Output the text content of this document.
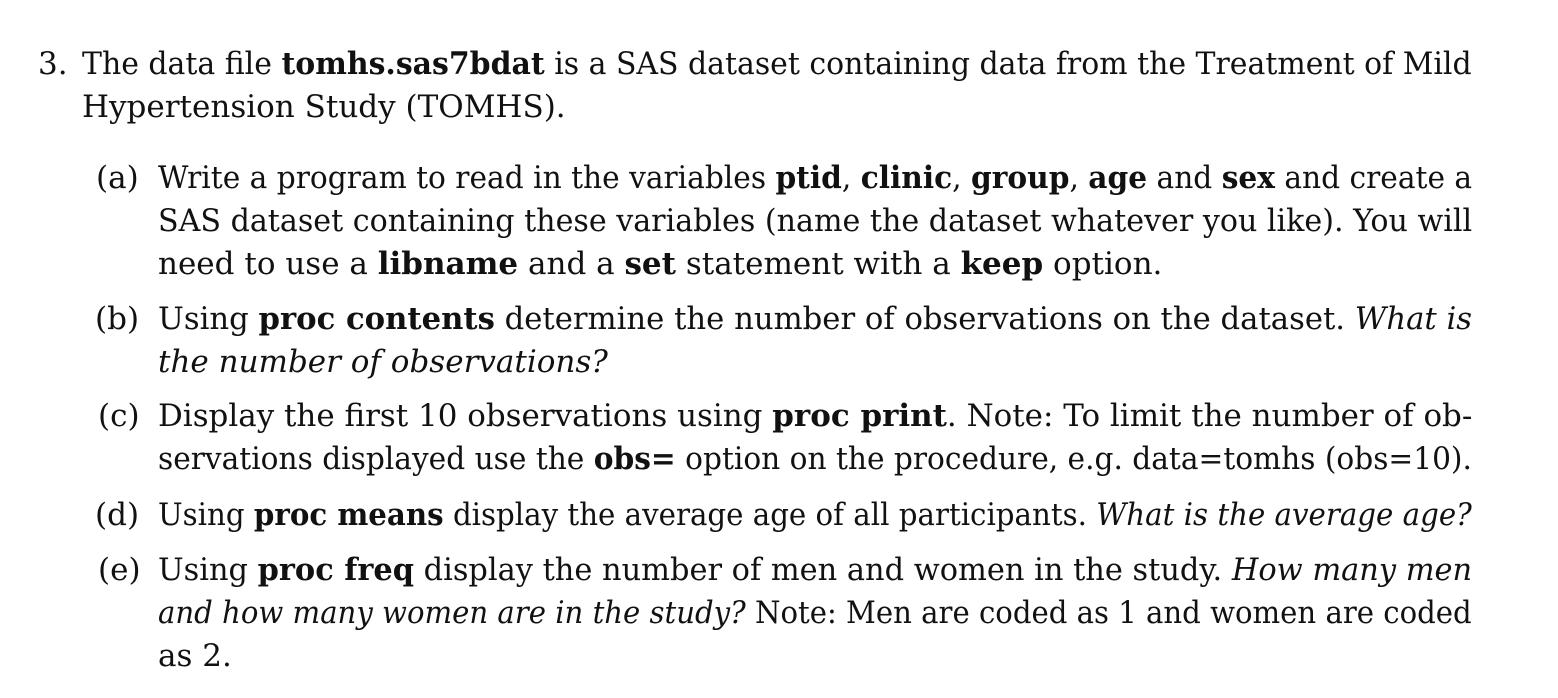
3. The data file tomhs.sas7bdat is a SAS dataset containing data from the Treatment of Mild
Hypertension Study (TOMHS).
(a) Write a program to read in the variables ptid, clinic, group, age and sex and create a
SAS dataset containing these variables (name the dataset whatever you like). You will
need to use a libname and a set statement with a keep option.
(b) Using proc contents determine the number of observations on the dataset. What is
the number of observations?
(c) Display the first 10 observations using proc print. Note: To limit the number of ob-
servations displayed use the obs= option on the procedure, e.g. data=tomhs (obs=10).
(d) Using proc means display the average age of all participants. What is the average age?
(e) Using proc freq display the number of men and women in the study. How many men
and how many women are in the study? Note: Men are coded as 1 and women are coded
as 2.
